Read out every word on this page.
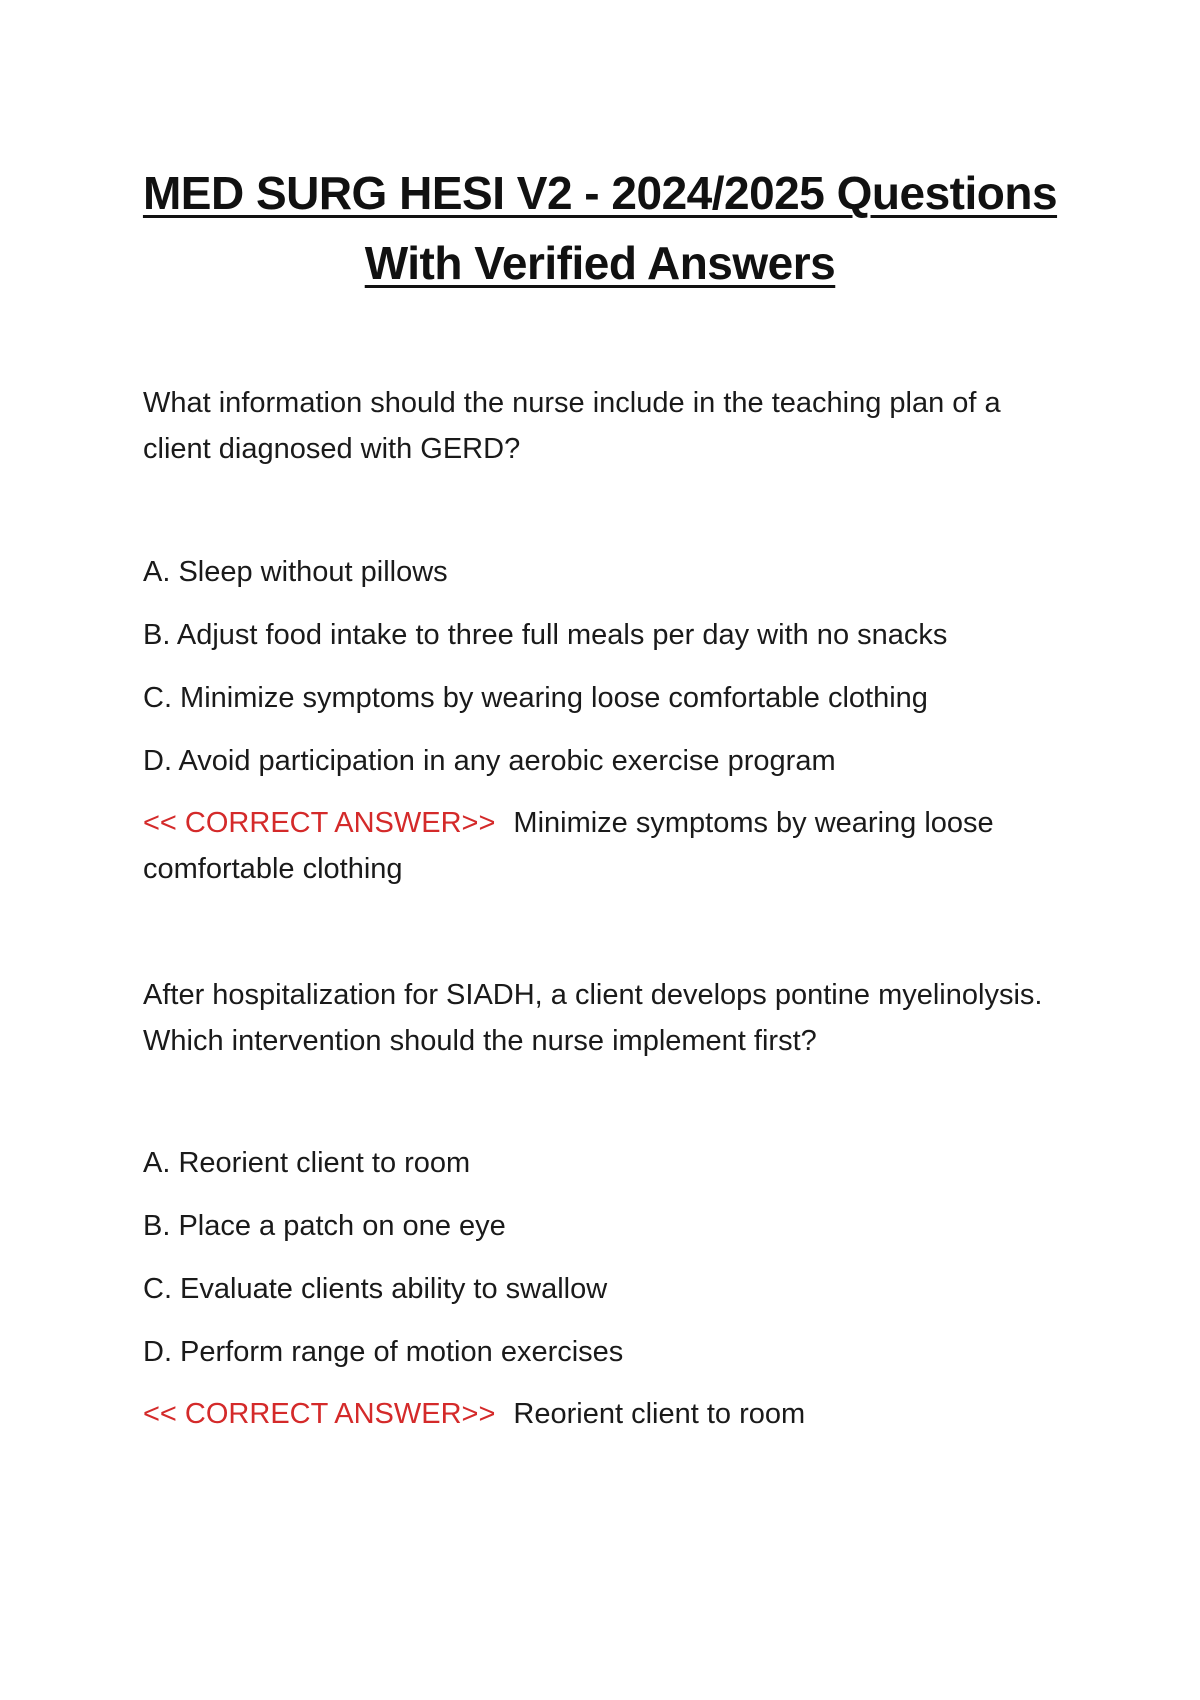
MED SURG HESI V2 - 2024/2025 Questions
With Verified Answers

What information should the nurse include in the teaching plan of a client diagnosed with GERD?

A. Sleep without pillows
B. Adjust food intake to three full meals per day with no snacks
C. Minimize symptoms by wearing loose comfortable clothing
D. Avoid participation in any aerobic exercise program
<< CORRECT ANSWER>> Minimize symptoms by wearing loose comfortable clothing

After hospitalization for SIADH, a client develops pontine myelinolysis. Which intervention should the nurse implement first?

A. Reorient client to room
B. Place a patch on one eye
C. Evaluate clients ability to swallow
D. Perform range of motion exercises
<< CORRECT ANSWER>> Reorient client to room
